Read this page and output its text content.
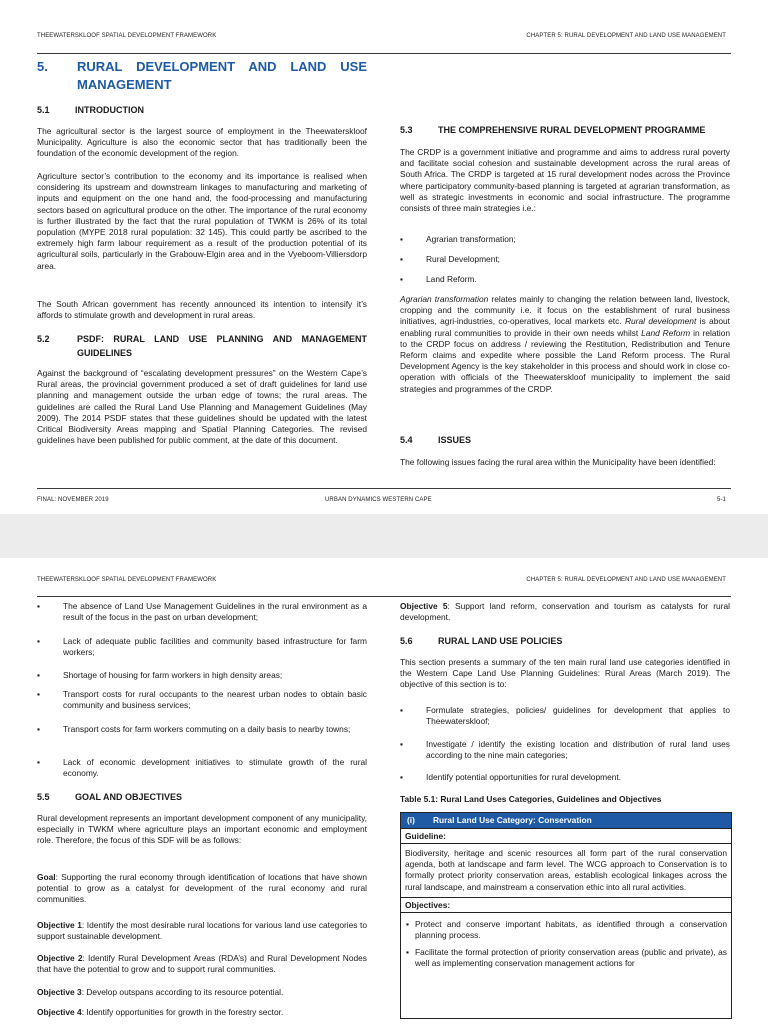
THEEWATERSKLOOF SPATIAL DEVELOPMENT FRAMEWORK	CHAPTER 5: RURAL DEVELOPMENT AND LAND USE MANAGEMENT
5. RURAL DEVELOPMENT AND LAND USE
MANAGEMENT
5.1	INTRODUCTION

The agricultural sector is the largest source of employment in the Theewaterskloof Municipality. Agriculture is also the economic sector that has traditionally been the foundation of the economic development of the region.

Agriculture sector’s contribution to the economy and its importance is realised when considering its upstream and downstream linkages to manufacturing and marketing of inputs and equipment on the one hand and, the food-processing and manufacturing sectors based on agricultural produce on the other. The importance of the rural economy is further illustrated by the fact that the rural population of TWKM is 26% of its total population (MYPE 2018 rural population: 32 145). This could partly be ascribed to the extremely high farm labour requirement as a result of the production potential of its agricultural soils, particularly in the Grabouw-Elgin area and in the Vyeboom-Villiersdorp area.

The South African government has recently announced its intention to intensify it’s affords to stimulate growth and development in rural areas.

5.2	PSDF: RURAL LAND USE PLANNING AND MANAGEMENT
GUIDELINES

Against the background of “escalating development pressures” on the Western Cape’s Rural areas, the provincial government produced a set of draft guidelines for land use planning and management outside the urban edge of towns; the rural areas. The guidelines are called the Rural Land Use Planning and Management Guidelines (May 2009). The 2014 PSDF states that these guidelines should be updated with the latest Critical Biodiversity Areas mapping and Spatial Planning Categories. The revised guidelines have been published for public comment, at the date of this document.

5.3	THE COMPREHENSIVE RURAL DEVELOPMENT PROGRAMME

The CRDP is a government initiative and programme and aims to address rural poverty and facilitate social cohesion and sustainable development across the rural areas of South Africa. The CRDP is targeted at 15 rural development nodes across the Province where participatory community-based planning is targeted at agrarian transformation, as well as strategic investments in economic and social infrastructure. The programme consists of three main strategies i.e.:

▪	Agrarian transformation;
▪	Rural Development;
▪	Land Reform.

Agrarian transformation relates mainly to changing the relation between land, livestock, cropping and the community i.e. it focus on the establishment of rural business initiatives, agri-industries, co-operatives, local markets etc. Rural development is about enabling rural communities to provide in their own needs whilst Land Reform in relation to the CRDP focus on address / reviewing the Restitution, Redistribution and Tenure Reform claims and expedite where possible the Land Reform process. The Rural Development Agency is the key stakeholder in this process and should work in close co-operation with officials of the Theewaterskloof municipality to implement the said strategies and programmes of the CRDP.

5.4	ISSUES

The following issues facing the rural area within the Municipality have been identified:

FINAL: NOVEMBER 2019	URBAN DYNAMICS WESTERN CAPE	5-1
THEEWATERSKLOOF SPATIAL DEVELOPMENT FRAMEWORK	CHAPTER 5: RURAL DEVELOPMENT AND LAND USE MANAGEMENT
▪	The absence of Land Use Management Guidelines in the rural environment as a result of the focus in the past on urban development;
▪	Lack of adequate public facilities and community based infrastructure for farm workers;
▪	Shortage of housing for farm workers in high density areas;
▪	Transport costs for rural occupants to the nearest urban nodes to obtain basic community and business services;
▪	Transport costs for farm workers commuting on a daily basis to nearby towns;
▪	Lack of economic development initiatives to stimulate growth of the rural economy.
5.5	GOAL AND OBJECTIVES

Rural development represents an important development component of any municipality, especially in TWKM where agriculture plays an important economic and employment role. Therefore, the focus of this SDF will be as follows:

Goal: Supporting the rural economy through identification of locations that have shown potential to grow as a catalyst for development of the rural economy and rural communities.

Objective 1: Identify the most desirable rural locations for various land use categories to support sustainable development.

Objective 2: Identify Rural Development Areas (RDA’s) and Rural Development Nodes that have the potential to grow and to support rural communities.

Objective 3: Develop outspans according to its resource potential.

Objective 4: Identify opportunities for growth in the forestry sector.

Objective 5: Support land reform, conservation and tourism as catalysts for rural development.

5.6	RURAL LAND USE POLICIES

This section presents a summary of the ten main rural land use categories identified in the Western Cape Land Use Planning Guidelines: Rural Areas (March 2019). The objective of this section is to:

▪	Formulate strategies, policies/ guidelines for development that applies to Theewaterskloof;
▪	Investigate / identify the existing location and distribution of rural land uses according to the nine main categories;
▪	Identify potential opportunities for rural development.
Table 5.1: Rural Land Uses Categories, Guidelines and Objectives
(i) Rural Land Use Category: Conservation
Guideline:
Biodiversity, heritage and scenic resources all form part of the rural conservation agenda, both at landscape and farm level. The WCG approach to Conservation is to formally protect priority conservation areas, establish ecological linkages across the rural landscape, and mainstream a conservation ethic into all rural activities.
Objectives:
▪ Protect and conserve important habitats, as identified through a conservation planning process.
▪ Facilitate the formal protection of priority conservation areas (public and private), as well as implementing conservation management actions for
